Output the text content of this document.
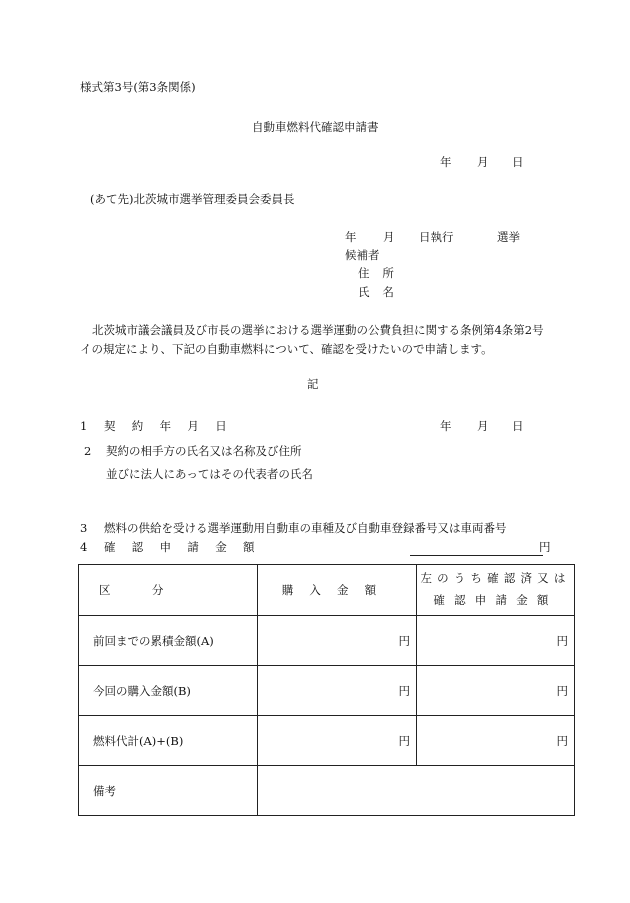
様式第3号(第3条関係)
自動車燃料代確認申請書
年 月 日
(あて先)北茨城市選挙管理委員会委員長
年 月 日執行	選挙
候補者
住 所
氏 名
北茨城市議会議員及び市長の選挙における選挙運動の公費負担に関する条例第4条第2号
イの規定により、下記の自動車燃料について、確認を受けたいので申請します。
記
1 契 約 年 月 日	年 月 日
2 契約の相手方の氏名又は名称及び住所
並びに法人にあってはその代表者の氏名
3 燃料の供給を受ける選挙運動用自動車の車種及び自動車登録番号又は車両番号
4 確 認 申 請 金 額	円
区分	購入金額	左のうち確認済又は
確認申請金額

前回までの累積金額(A)	円	円
今回の購入金額(B)	円	円
燃料代計(A)+(B)	円	円
備考		
